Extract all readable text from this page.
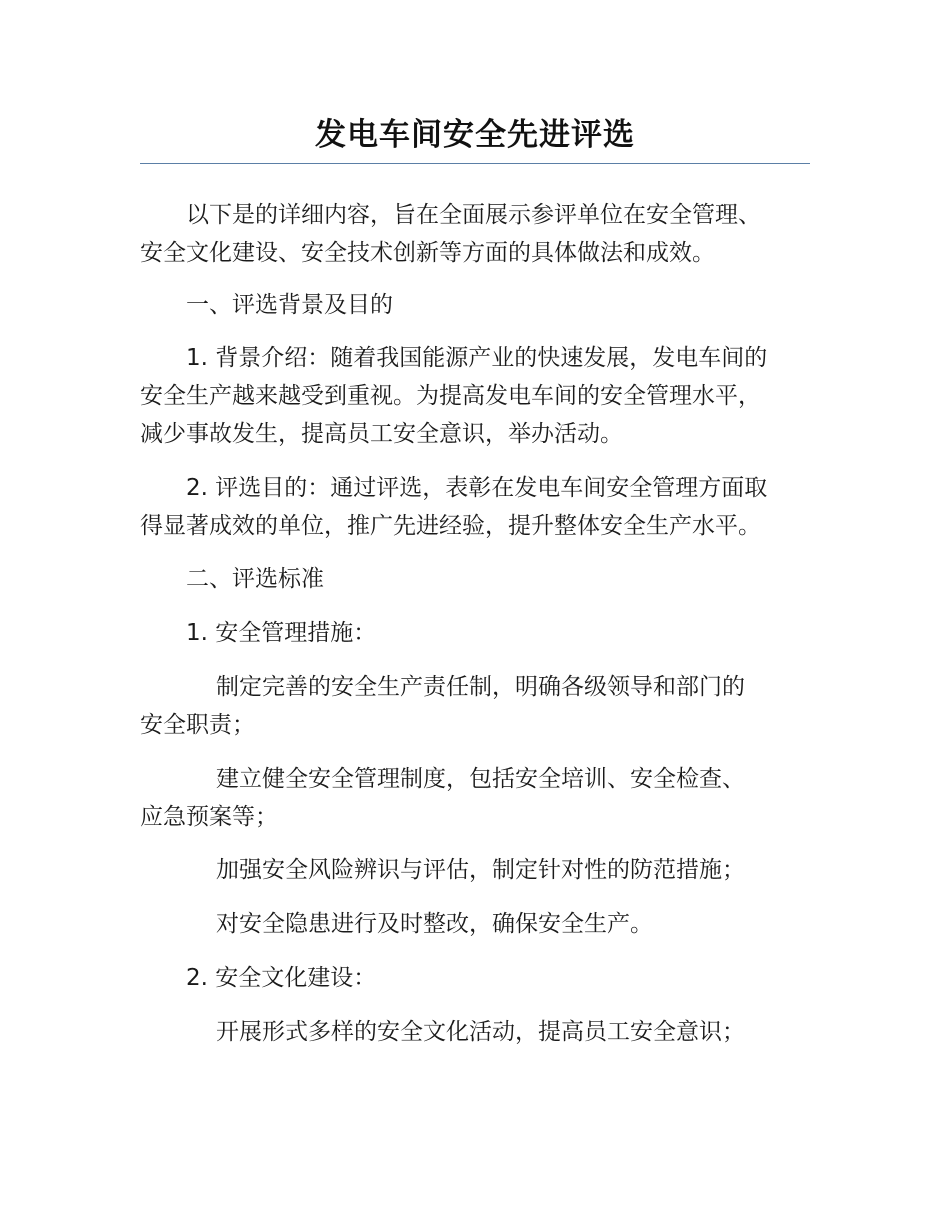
发电车间安全先进评选
以下是的详细内容，旨在全面展示参评单位在安全管理、
安全文化建设、安全技术创新等方面的具体做法和成效。
一、评选背景及目的
1. 背景介绍：随着我国能源产业的快速发展，发电车间的
安全生产越来越受到重视。为提高发电车间的安全管理水平，
减少事故发生，提高员工安全意识，举办活动。
2. 评选目的：通过评选，表彰在发电车间安全管理方面取
得显著成效的单位，推广先进经验，提升整体安全生产水平。
二、评选标准
1. 安全管理措施：
制定完善的安全生产责任制，明确各级领导和部门的
安全职责；
建立健全安全管理制度，包括安全培训、安全检查、
应急预案等；
加强安全风险辨识与评估，制定针对性的防范措施；
对安全隐患进行及时整改，确保安全生产。
2. 安全文化建设：
开展形式多样的安全文化活动，提高员工安全意识；
